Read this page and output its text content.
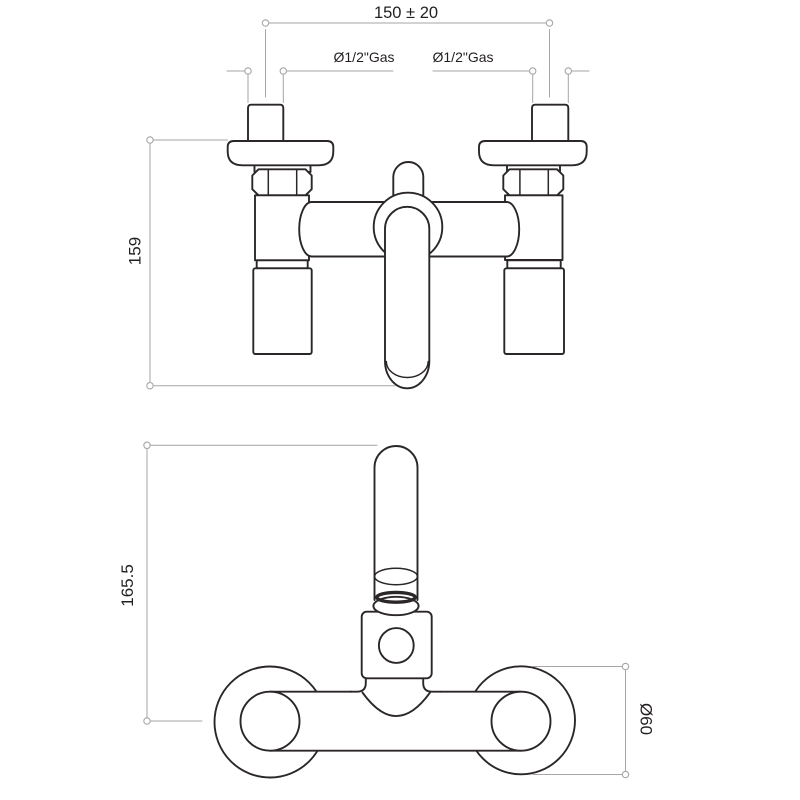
150 ± 20
Ø1/2"Gas	Ø1/2"Gas
159
165.5
Ø60
